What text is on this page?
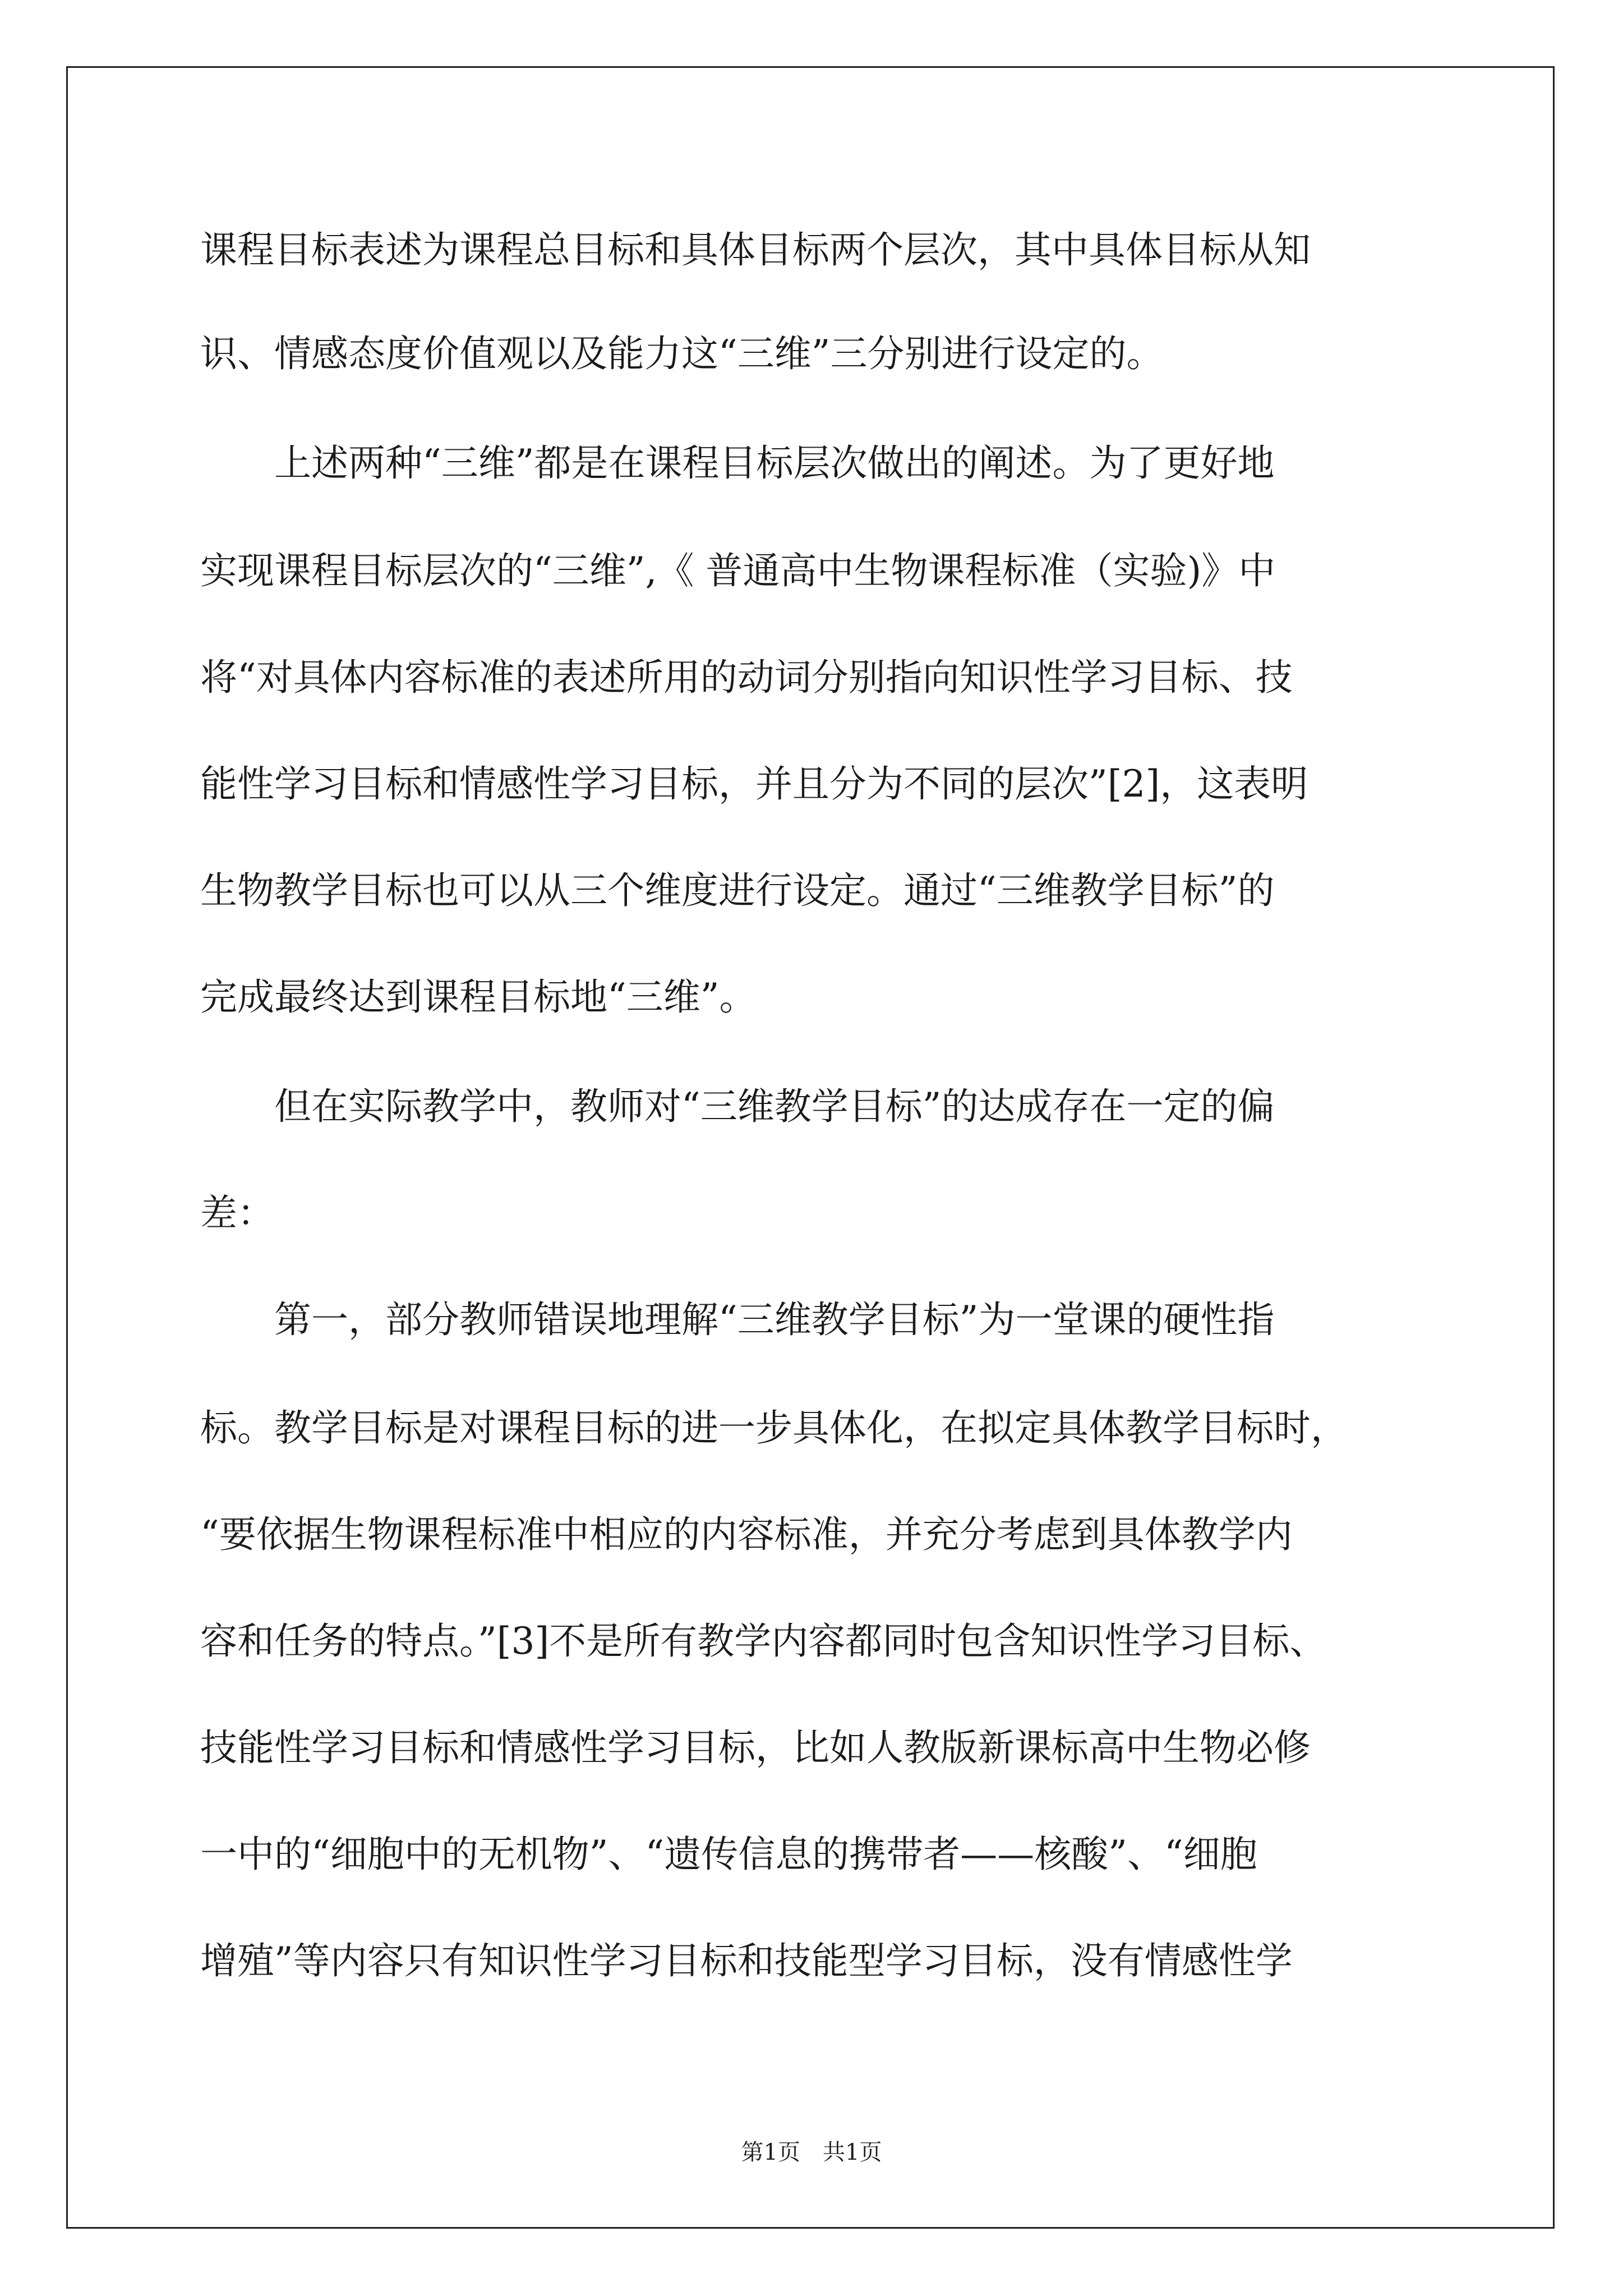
课程目标表述为课程总目标和具体目标两个层次，其中具体目标从知
识、情感态度价值观以及能力这“三维”三分别进行设定的。
　　上述两种“三维”都是在课程目标层次做出的阐述。为了更好地
实现课程目标层次的“三维”,《 普通高中生物课程标准（实验)》中
将“对具体内容标准的表述所用的动词分别指向知识性学习目标、技
能性学习目标和情感性学习目标，并且分为不同的层次”[2]，这表明
生物教学目标也可以从三个维度进行设定。通过“三维教学目标”的
完成最终达到课程目标地“三维”。
　　但在实际教学中，教师对“三维教学目标”的达成存在一定的偏
差：
　　第一，部分教师错误地理解“三维教学目标”为一堂课的硬性指
标。教学目标是对课程目标的进一步具体化，在拟定具体教学目标时，
“要依据生物课程标准中相应的内容标准，并充分考虑到具体教学内
容和任务的特点。”[3]不是所有教学内容都同时包含知识性学习目标、
技能性学习目标和情感性学习目标，比如人教版新课标高中生物必修
一中的“细胞中的无机物”、“遗传信息的携带者——核酸”、“细胞
增殖”等内容只有知识性学习目标和技能型学习目标，没有情感性学
第1页　共1页
